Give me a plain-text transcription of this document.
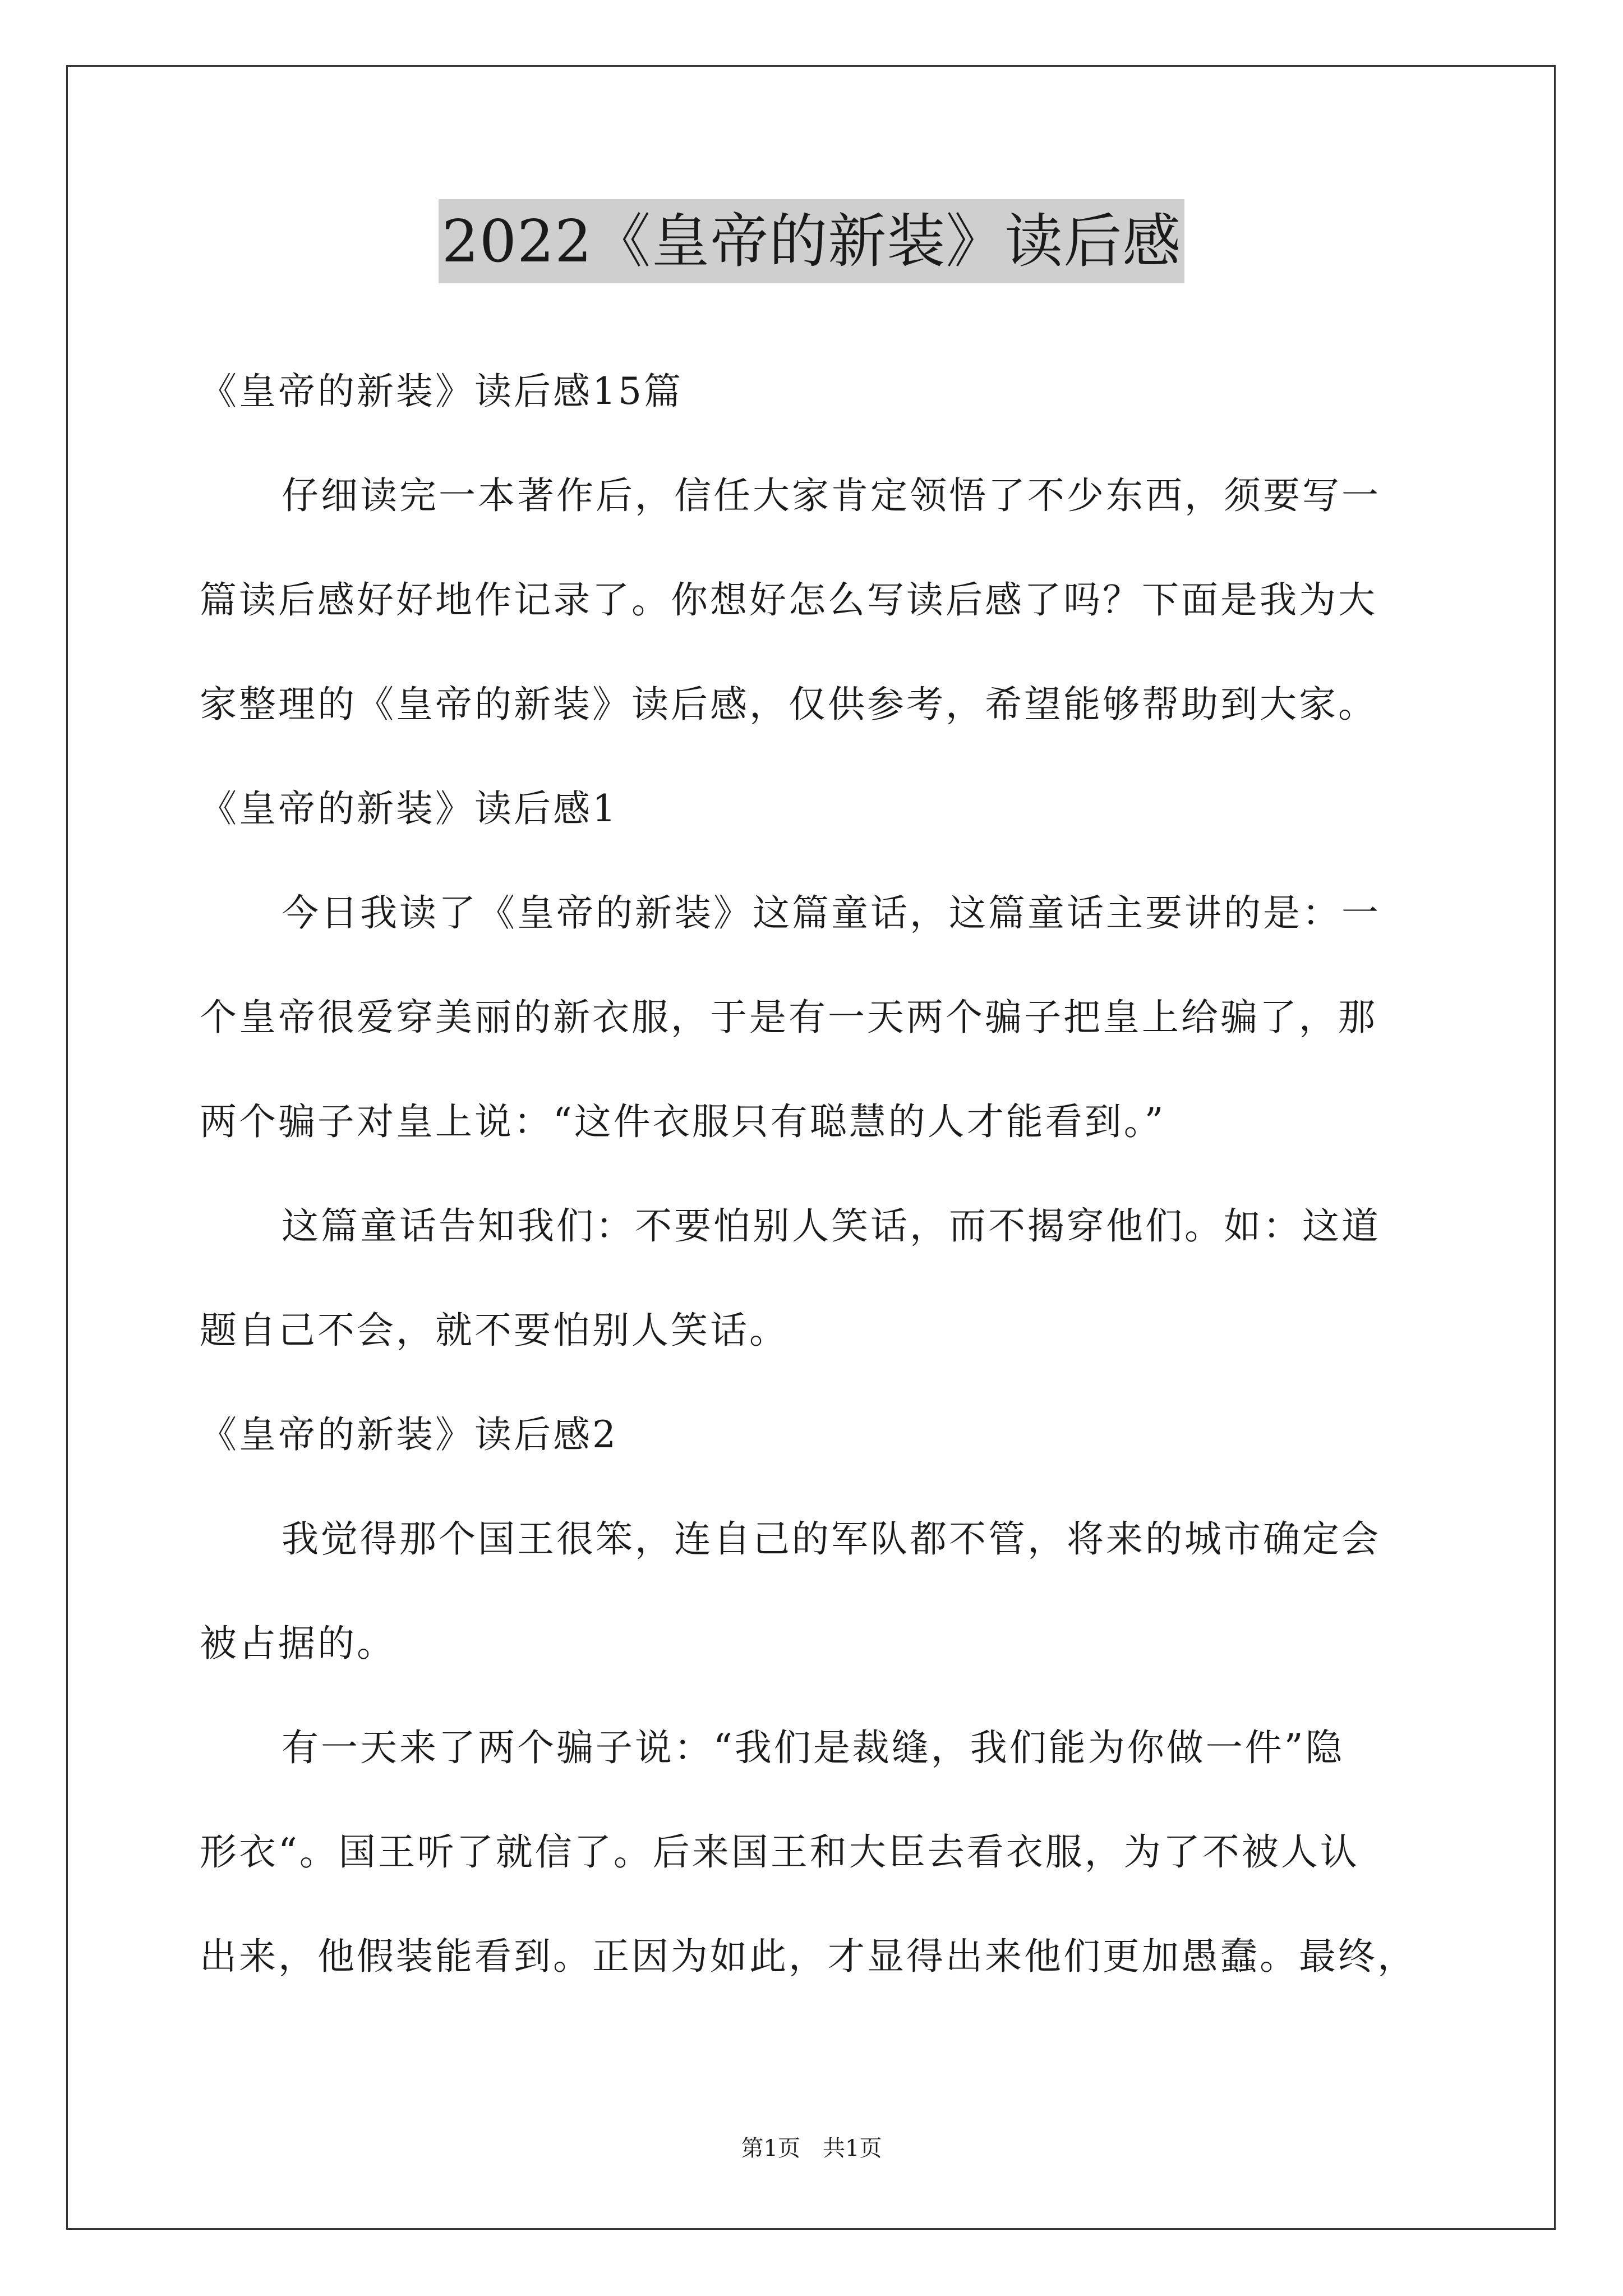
2022《皇帝的新装》读后感
《皇帝的新装》读后感15篇
仔细读完一本著作后，信任大家肯定领悟了不少东西，须要写一
篇读后感好好地作记录了。你想好怎么写读后感了吗？下面是我为大
家整理的《皇帝的新装》读后感，仅供参考，希望能够帮助到大家。
《皇帝的新装》读后感1
今日我读了《皇帝的新装》这篇童话，这篇童话主要讲的是：一
个皇帝很爱穿美丽的新衣服，于是有一天两个骗子把皇上给骗了，那
两个骗子对皇上说：“这件衣服只有聪慧的人才能看到。”
这篇童话告知我们：不要怕别人笑话，而不揭穿他们。如：这道
题自己不会，就不要怕别人笑话。
《皇帝的新装》读后感2
我觉得那个国王很笨，连自己的军队都不管，将来的城市确定会
被占据的。
有一天来了两个骗子说：“我们是裁缝，我们能为你做一件”隐
形衣“。国王听了就信了。后来国王和大臣去看衣服，为了不被人认
出来，他假装能看到。正因为如此，才显得出来他们更加愚蠢。最终，
第1页　共1页
